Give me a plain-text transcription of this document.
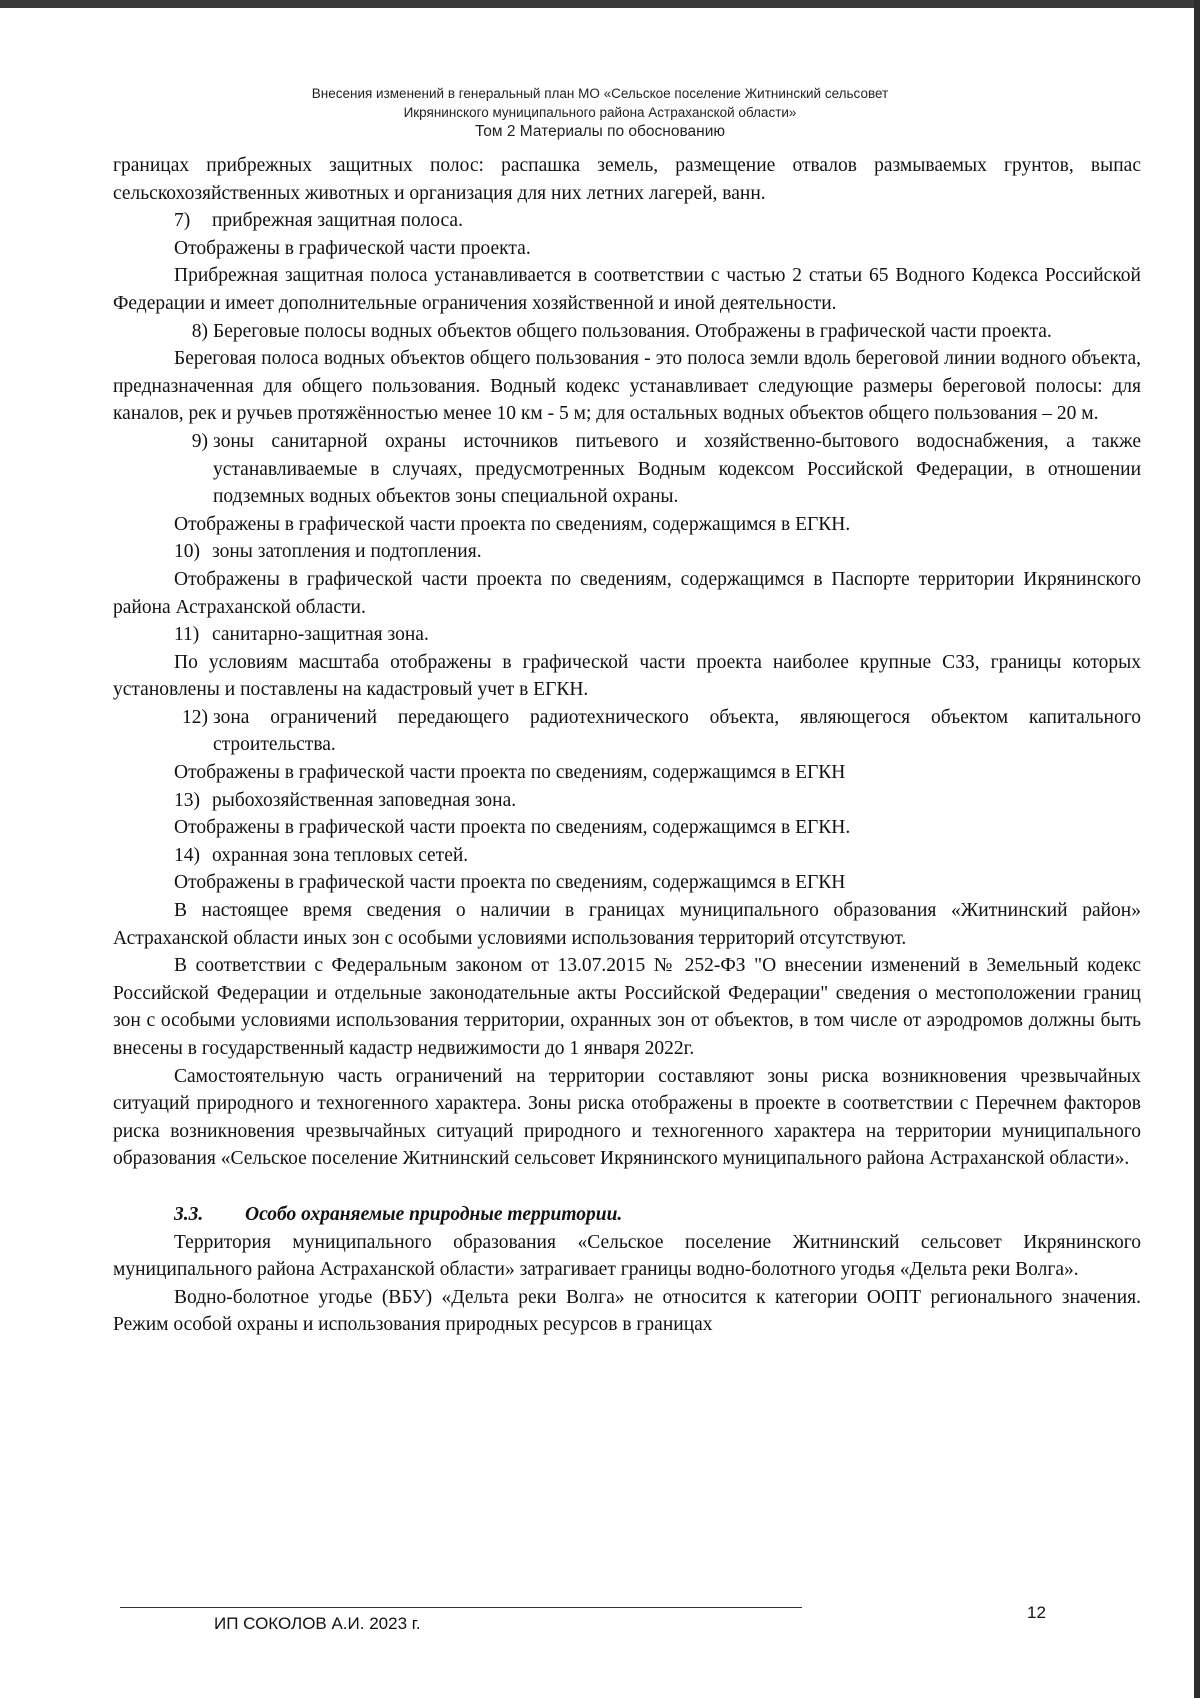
Внесения изменений в генеральный план МО «Сельское поселение Житнинский сельсовет
Икрянинского муниципального района Астраханской области»
Том 2 Материалы по обоснованию

границах прибрежных защитных полос: распашка земель, размещение отвалов размываемых грунтов, выпас сельскохозяйственных животных и организация для них летних лагерей, ванн.

7) прибрежная защитная полоса.

Отображены в графической части проекта.

Прибрежная защитная полоса устанавливается в соответствии с частью 2 статьи 65 Водного Кодекса Российской Федерации и имеет дополнительные ограничения хозяйственной и иной деятельности.

8) Береговые полосы водных объектов общего пользования. Отображены в графической части проекта.

Береговая полоса водных объектов общего пользования - это полоса земли вдоль береговой линии водного объекта, предназначенная для общего пользования. Водный кодекс устанавливает следующие размеры береговой полосы: для каналов, рек и ручьев протяжённостью менее 10 км - 5 м; для остальных водных объектов общего пользования – 20 м.

9) зоны санитарной охраны источников питьевого и хозяйственно-бытового водоснабжения, а также устанавливаемые в случаях, предусмотренных Водным кодексом Российской Федерации, в отношении подземных водных объектов зоны специальной охраны.

Отображены в графической части проекта по сведениям, содержащимся в ЕГКН.

10) зоны затопления и подтопления.

Отображены в графической части проекта по сведениям, содержащимся в Паспорте территории Икрянинского района Астраханской области.

11) санитарно-защитная зона.

По условиям масштаба отображены в графической части проекта наиболее крупные СЗЗ, границы которых установлены и поставлены на кадастровый учет в ЕГКН.

12) зона ограничений передающего радиотехнического объекта, являющегося объектом капитального строительства.

Отображены в графической части проекта по сведениям, содержащимся в ЕГКН

13) рыбохозяйственная заповедная зона.

Отображены в графической части проекта по сведениям, содержащимся в ЕГКН.

14) охранная зона тепловых сетей.

Отображены в графической части проекта по сведениям, содержащимся в ЕГКН

В настоящее время сведения о наличии в границах муниципального образования «Житнинский район» Астраханской области иных зон с особыми условиями использования территорий отсутствуют.

В соответствии с Федеральным законом от 13.07.2015 № 252-ФЗ "О внесении изменений в Земельный кодекс Российской Федерации и отдельные законодательные акты Российской Федерации" сведения о местоположении границ зон с особыми условиями использования территории, охранных зон от объектов, в том числе от аэродромов должны быть внесены в государственный кадастр недвижимости до 1 января 2022г.

Самостоятельную часть ограничений на территории составляют зоны риска возникновения чрезвычайных ситуаций природного и техногенного характера. Зоны риска отображены в проекте в соответствии с Перечнем факторов риска возникновения чрезвычайных ситуаций природного и техногенного характера на территории муниципального образования «Сельское поселение Житнинский сельсовет Икрянинского муниципального района Астраханской области».

3.3. Особо охраняемые природные территории.

Территория муниципального образования «Сельское поселение Житнинский сельсовет Икрянинского муниципального района Астраханской области» затрагивает границы водно-болотного угодья «Дельта реки Волга».

Водно-болотное угодье (ВБУ) «Дельта реки Волга» не относится к категории ООПТ регионального значения. Режим особой охраны и использования природных ресурсов в границах

ИП СОКОЛОВ А.И. 2023 г.
12
